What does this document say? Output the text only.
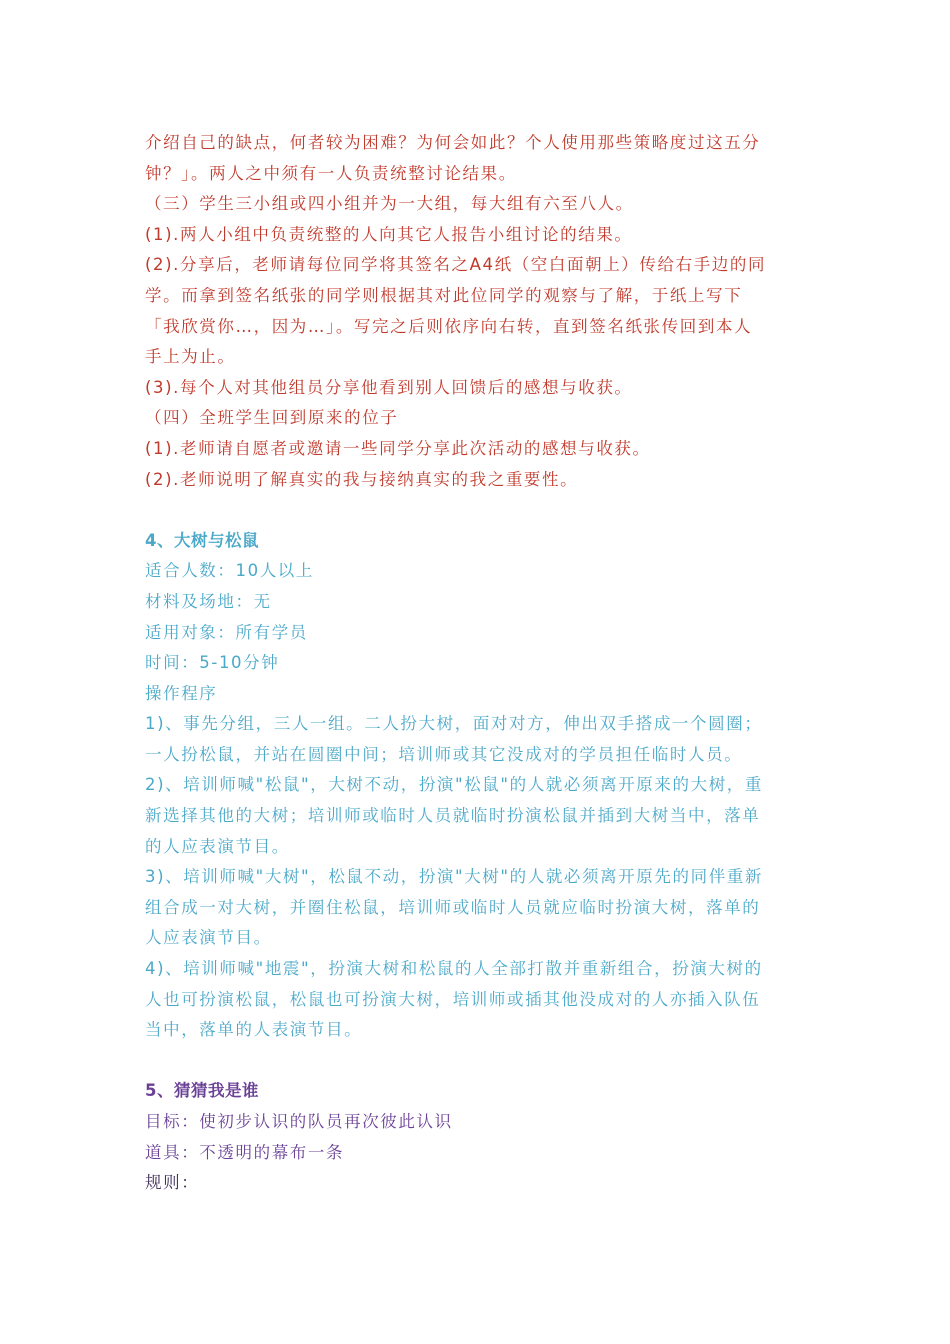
介绍自己的缺点，何者较为困难？为何会如此？个人使用那些策略度过这五分
钟？」。两人之中须有一人负责统整讨论结果。
（三）学生三小组或四小组并为一大组，每大组有六至八人。
(1).两人小组中负责统整的人向其它人报告小组讨论的结果。
(2).分享后，老师请每位同学将其签名之A4纸（空白面朝上）传给右手边的同
学。而拿到签名纸张的同学则根据其对此位同学的观察与了解，于纸上写下
「我欣赏你…，因为…」。写完之后则依序向右转，直到签名纸张传回到本人
手上为止。
(3).每个人对其他组员分享他看到别人回馈后的感想与收获。
（四）全班学生回到原来的位子
(1).老师请自愿者或邀请一些同学分享此次活动的感想与收获。
(2).老师说明了解真实的我与接纳真实的我之重要性。
4、大树与松鼠
适合人数：10人以上
材料及场地：无
适用对象：所有学员
时间：5-10分钟
操作程序
1)、事先分组，三人一组。二人扮大树，面对对方，伸出双手搭成一个圆圈；
一人扮松鼠，并站在圆圈中间；培训师或其它没成对的学员担任临时人员。
2)、培训师喊"松鼠"，大树不动，扮演"松鼠"的人就必须离开原来的大树，重
新选择其他的大树；培训师或临时人员就临时扮演松鼠并插到大树当中，落单
的人应表演节目。
3)、培训师喊"大树"，松鼠不动，扮演"大树"的人就必须离开原先的同伴重新
组合成一对大树，并圈住松鼠，培训师或临时人员就应临时扮演大树，落单的
人应表演节目。
4)、培训师喊"地震"，扮演大树和松鼠的人全部打散并重新组合，扮演大树的
人也可扮演松鼠，松鼠也可扮演大树，培训师或插其他没成对的人亦插入队伍
当中，落单的人表演节目。
5、猜猜我是谁
目标：使初步认识的队员再次彼此认识
道具：不透明的幕布一条
规则：
